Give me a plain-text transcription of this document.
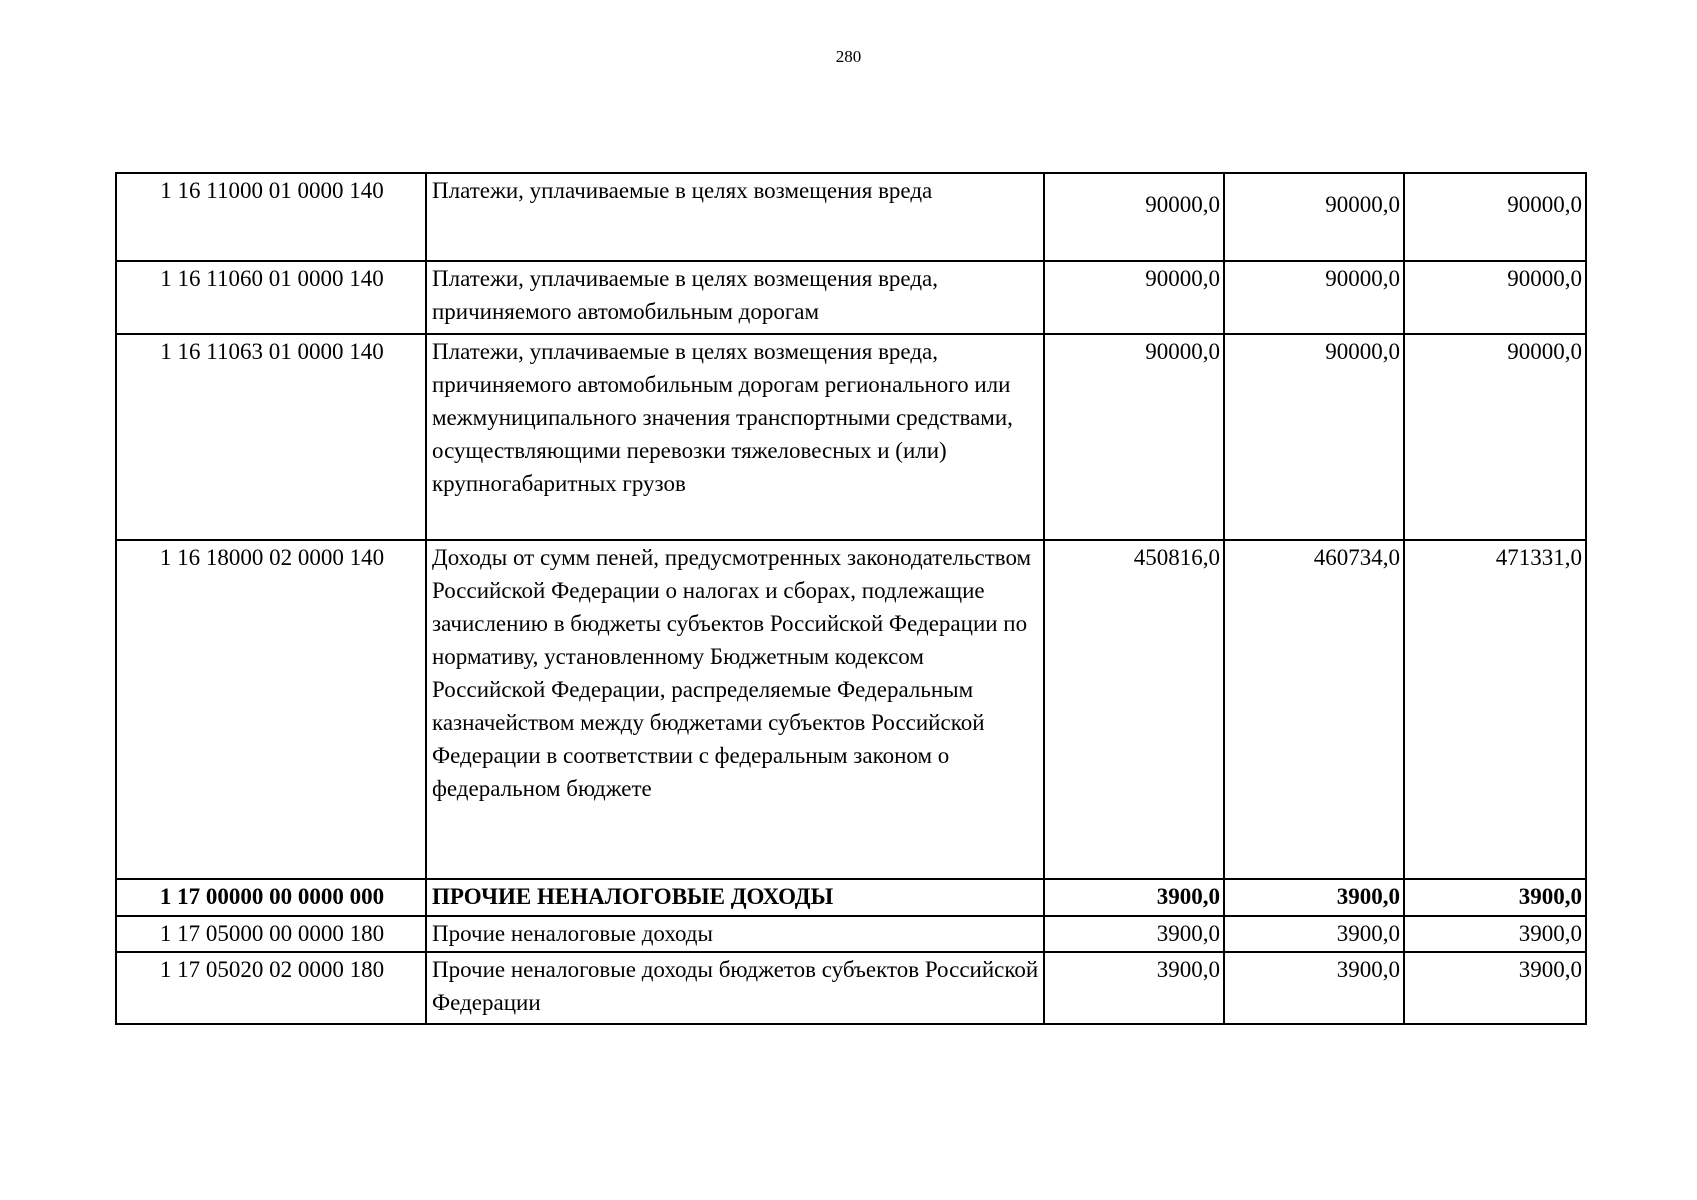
280
1 16 11000 01 0000 140	Платежи, уплачиваемые в целях возмещения вреда	90000,0	90000,0	90000,0
1 16 11060 01 0000 140	Платежи, уплачиваемые в целях возмещения вреда, причиняемого автомобильным дорогам	90000,0	90000,0	90000,0
1 16 11063 01 0000 140	Платежи, уплачиваемые в целях возмещения вреда, причиняемого автомобильным дорогам регионального или межмуниципального значения транспортными средствами, осуществляющими перевозки тяжеловесных и (или) крупногабаритных грузов	90000,0	90000,0	90000,0
1 16 18000 02 0000 140	Доходы от сумм пеней, предусмотренных законодательством Российской Федерации о налогах и сборах, подлежащие зачислению в бюджеты субъектов Российской Федерации по нормативу, установленному Бюджетным кодексом Российской Федерации, распределяемые Федеральным казначейством между бюджетами субъектов Российской Федерации в соответствии с федеральным законом о федеральном бюджете	450816,0	460734,0	471331,0
1 17 00000 00 0000 000	ПРОЧИЕ НЕНАЛОГОВЫЕ ДОХОДЫ	3900,0	3900,0	3900,0
1 17 05000 00 0000 180	Прочие неналоговые доходы	3900,0	3900,0	3900,0
1 17 05020 02 0000 180	Прочие неналоговые доходы бюджетов субъектов Российской Федерации	3900,0	3900,0	3900,0
